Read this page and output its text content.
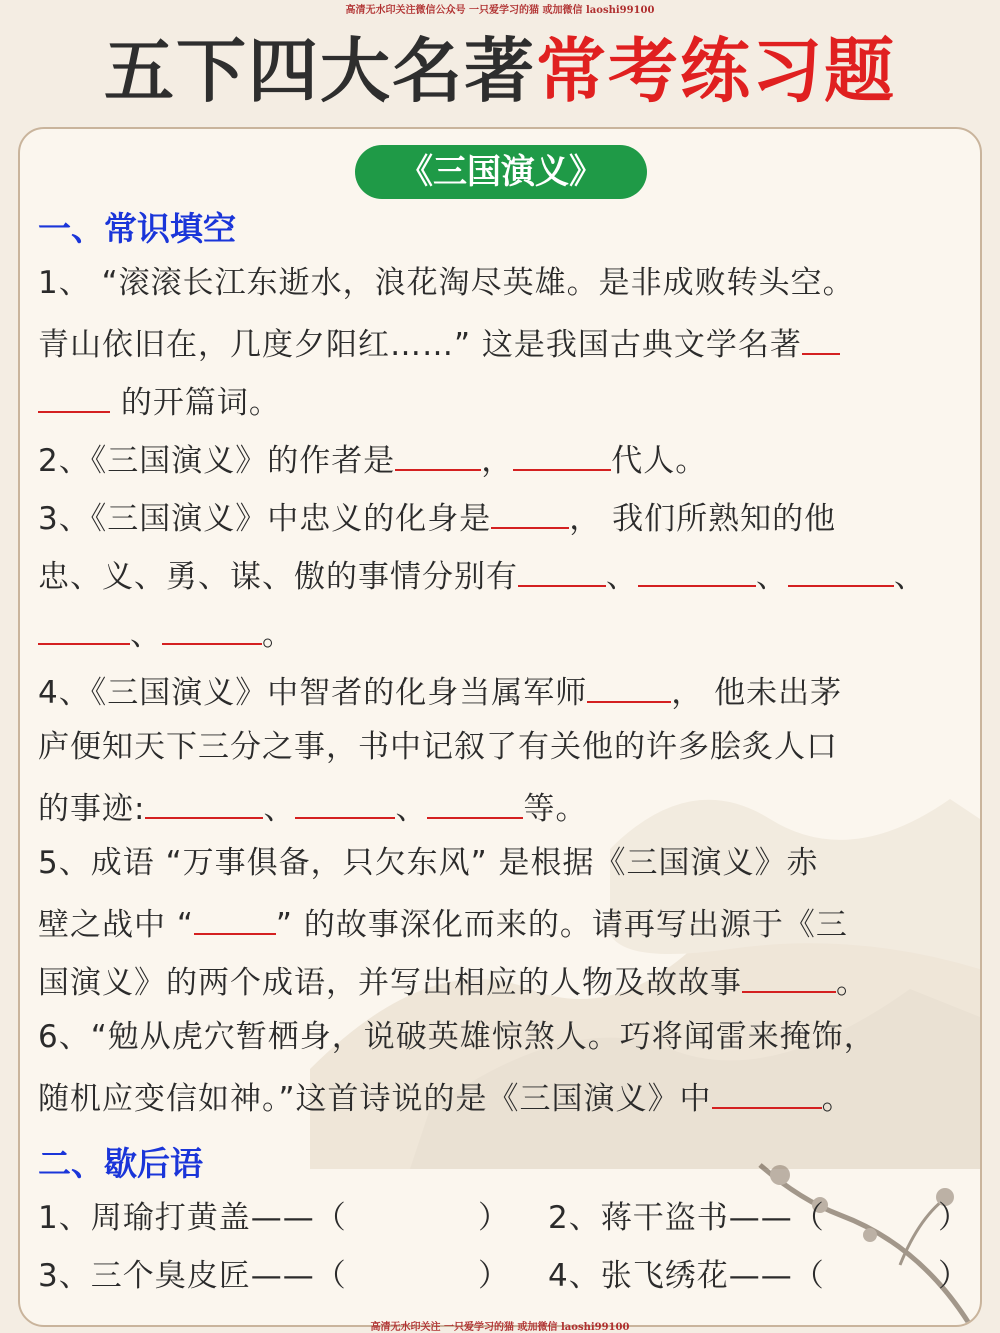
高清无水印关注微信公众号 一只爱学习的猫 或加微信 laoshi99100
五下四大名著常考练习题
《三国演义》
一、常识填空
1、 “滚滚长江东逝水，浪花淘尽英雄。是非成败转头空。
青山依旧在，几度夕阳红……” 这是我国古典文学名著
的开篇词。
2、《三国演义》的作者是	，	代人。
3、《三国演义》中忠义的化身是	， 我们所熟知的他
忠、义、勇、谋、傲的事情分别有	、	、	、
、	。
4、《三国演义》中智者的化身当属军师	， 他未出茅
庐便知天下三分之事，书中记叙了有关他的许多脍炙人口
的事迹:	、	、	等。
5、成语 “万事俱备，只欠东风” 是根据《三国演义》赤
壁之战中 “	” 的故事深化而来的。请再写出源于《三
国演义》的两个成语，并写出相应的人物及故故事	。
6、“勉从虎穴暂栖身，说破英雄惊煞人。巧将闻雷来掩饰，
随机应变信如神。”这首诗说的是《三国演义》中	。
二、歇后语
1、周瑜打黄盖——（	） 2、蒋干盗书——（	）
3、三个臭皮匠——（	） 4、张飞绣花——（	）
高清无水印关注 一只爱学习的猫 或加微信 laoshi99100
